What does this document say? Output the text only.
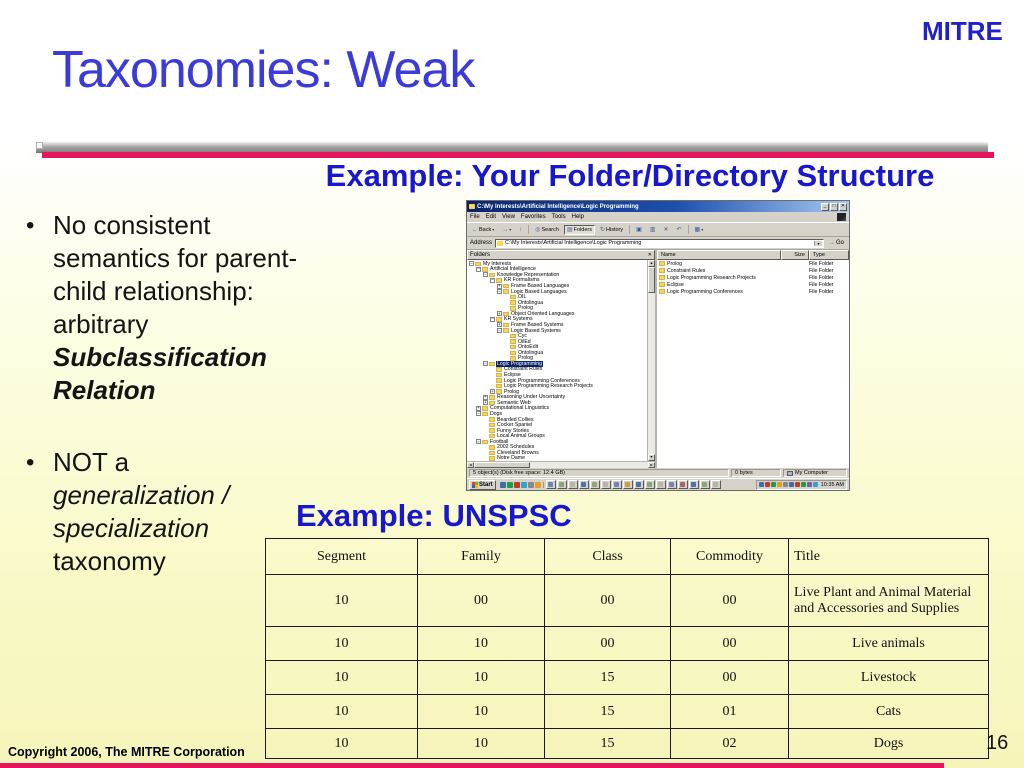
MITRE
Taxonomies: Weak
Example: Your Folder/Directory Structure
• No consistent semantics for parent-child relationship: arbitrary Subclassification Relation
• NOT a generalization / specialization taxonomy
C:\My Interests\Artificial Intelligence\Logic Programming	_	□	✕
File Edit View Favorites Tools Help
← Back ▾ → ▾ ↑ ◎ Search ▤ Folders ↻ History ▣ ▥ ✕ ↶ ▦ ▾
Address C:\My Interests\Artificial Intelligence\Logic Programming	▾	→ Go
Folders	✕
− My Interests
− Artificial Intelligence
− Knowledge Representation
− KR Formalisms
+ Frame Based Languages
− Logic Based Languages
OIL
Ontolingua
Prolog
+ Object Oriented Languages
− KR Systems
+ Frame Based Systems
− Logic Based Systems
Cyc
OilEd
OntoEdit
Ontolingua
Prolog
− Logic Programming
Constraint Rules
Eclipse
Logic Programming Conferences
Logic Programming Research Projects
+ Prolog
+ Reasoning Under Uncertainty
+ Semantic Web
+ Computational Linguistics
− Dogs
Bearded Collies
Cocker Spaniel
Funny Stories
Local Animal Groups
− Football
2002 Schedules
Cleveland Browns
Notre Dame
▲
▼
◄	►
Name	Size	Type
Prolog	File Folder
Constraint Rules	File Folder
Logic Programming Research Projects	File Folder
Eclipse	File Folder
Logic Programming Conferences	File Folder
5 object(s) (Disk free space: 12.4 GB)	0 bytes	My Computer
Start	10:35 AM
Example: UNSPSC
Segment	Family	Class	Commodity	Title
10	00	00	00	Live Plant and Animal Material and Accessories and Supplies
10	10	00	00	Live animals
10	10	15	00	Livestock
10	10	15	01	Cats
10	10	15	02	Dogs
Copyright 2006, The MITRE Corporation	16
